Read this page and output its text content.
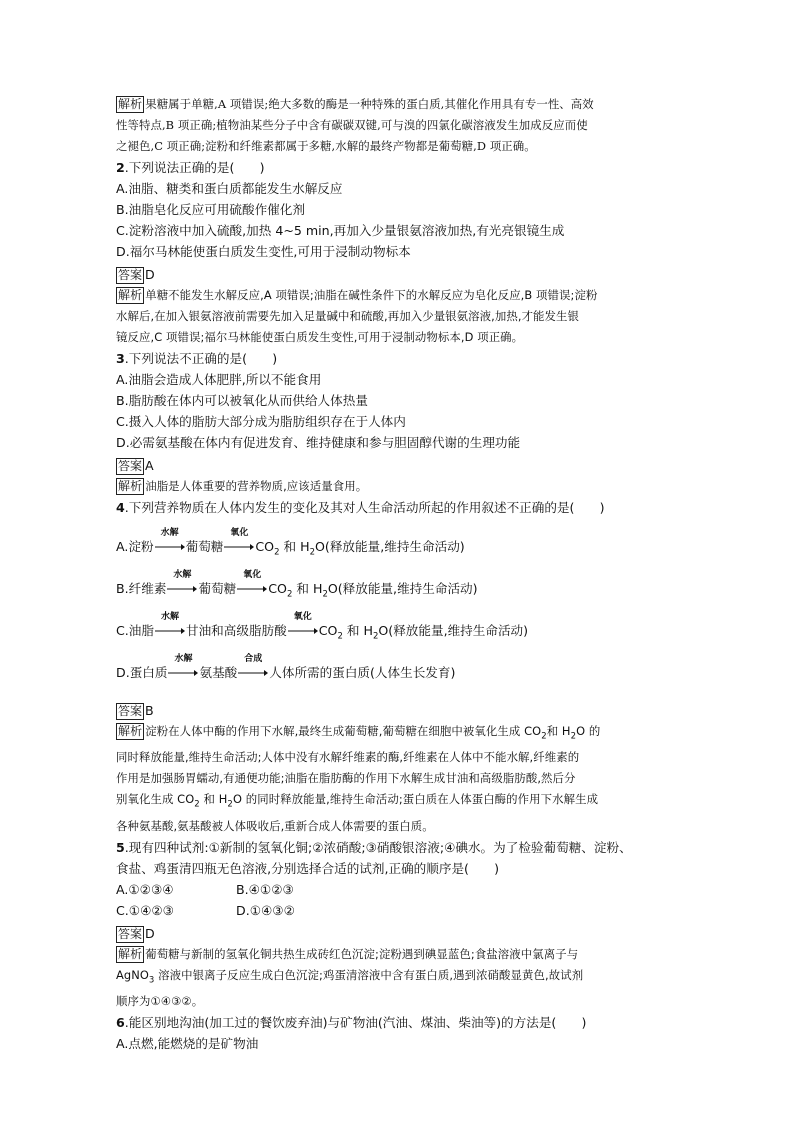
解析 果糖属于单糖,A 项错误;绝大多数的酶是一种特殊的蛋白质,其催化作用具有专一性、高效
性等特点,B 项正确;植物油某些分子中含有碳碳双键,可与溴的四氯化碳溶液发生加成反应而使
之褪色,C 项正确;淀粉和纤维素都属于多糖,水解的最终产物都是葡萄糖,D 项正确。
2.下列说法正确的是(　　)
A.油脂、糖类和蛋白质都能发生水解反应
B.油脂皂化反应可用硫酸作催化剂
C.淀粉溶液中加入硫酸,加热 4~5 min,再加入少量银氨溶液加热,有光亮银镜生成
D.福尔马林能使蛋白质发生变性,可用于浸制动物标本
答案 D
解析 单糖不能发生水解反应,A 项错误;油脂在碱性条件下的水解反应为皂化反应,B 项错误;淀粉
水解后,在加入银氨溶液前需要先加入足量碱中和硫酸,再加入少量银氨溶液,加热,才能发生银
镜反应,C 项错误;福尔马林能使蛋白质发生变性,可用于浸制动物标本,D 项正确。
3.下列说法不正确的是(　　)
A.油脂会造成人体肥胖,所以不能食用
B.脂肪酸在体内可以被氧化从而供给人体热量
C.摄入人体的脂肪大部分成为脂肪组织存在于人体内
D.必需氨基酸在体内有促进发育、维持健康和参与胆固醇代谢的生理功能
答案 A
解析 油脂是人体重要的营养物质,应该适量食用。
4.下列营养物质在人体内发生的变化及其对人生命活动所起的作用叙述不正确的是(　　)
A.淀粉
水解
葡萄糖
氧化
$CO_2$ 和 $H_2O$(释放能量,维持生命活动)
B.纤维素
水解
葡萄糖
氧化
$CO_2$ 和 $H_2O$(释放能量,维持生命活动)
C.油脂
水解
甘油和高级脂肪酸
氧化
$CO_2$ 和 $H_2O$(释放能量,维持生命活动)
D.蛋白质
水解
氨基酸
合成
人体所需的蛋白质(人体生长发育)
答案 B
解析 淀粉在人体中酶的作用下水解,最终生成葡萄糖,葡萄糖在细胞中被氧化生成 $CO_2$和 $H_2O$ 的
同时释放能量,维持生命活动;人体中没有水解纤维素的酶,纤维素在人体中不能水解,纤维素的
作用是加强肠胃蠕动,有通便功能;油脂在脂肪酶的作用下水解生成甘油和高级脂肪酸,然后分
别氧化生成 $CO_2$ 和 $H_2O$ 的同时释放能量,维持生命活动;蛋白质在人体蛋白酶的作用下水解生成
各种氨基酸,氨基酸被人体吸收后,重新合成人体需要的蛋白质。
5.现有四种试剂:①新制的氢氧化铜;②浓硝酸;③硝酸银溶液;④碘水。为了检验葡萄糖、淀粉、
食盐、鸡蛋清四瓶无色溶液,分别选择合适的试剂,正确的顺序是(　　)
A.①②③④	B.④①②③
C.①④②③	D.①④③②
答案 D
解析 葡萄糖与新制的氢氧化铜共热生成砖红色沉淀;淀粉遇到碘显蓝色;食盐溶液中氯离子与
AgNO$_3$ 溶液中银离子反应生成白色沉淀;鸡蛋清溶液中含有蛋白质,遇到浓硝酸显黄色,故试剂
顺序为①④③②。
6.能区别地沟油(加工过的餐饮废弃油)与矿物油(汽油、煤油、柴油等)的方法是(　　)
A.点燃,能燃烧的是矿物油
